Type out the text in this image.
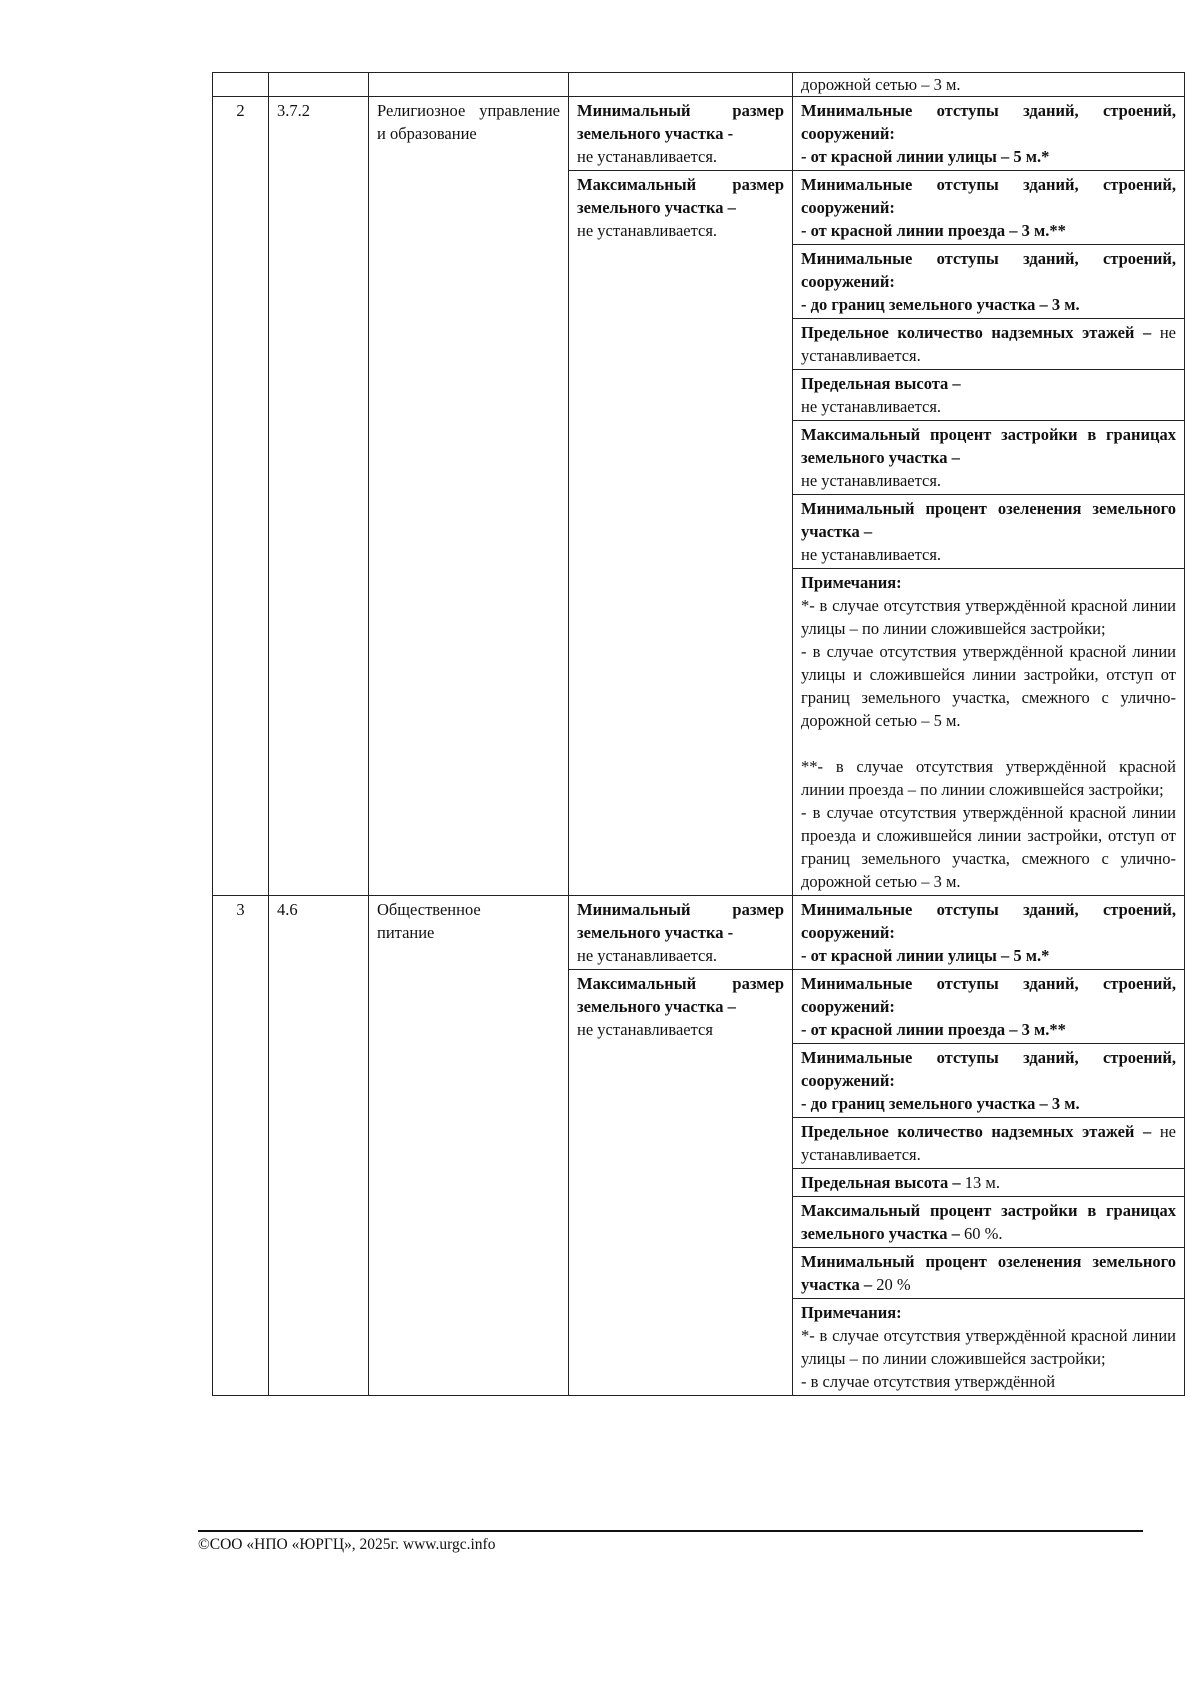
				дорожной сетью – 3 м.
2	3.7.2	Религиозное управление и образование	Минимальный размер земельного участка -
не устанавливается.	Минимальные отступы зданий, строений, сооружений:
- от красной линии улицы – 5 м.*

			Максимальный размер земельного участка –
не устанавливается.	Минимальные отступы зданий, строений, сооружений:
- от красной линии проезда – 3 м.**

				Минимальные отступы зданий, строений, сооружений:
- до границ земельного участка – 3 м.
				Предельное количество надземных этажей – не устанавливается.

				Предельная высота –
не устанавливается.

				Максимальный процент застройки в границах земельного участка –
не устанавливается.

				Минимальный процент озеленения земельного участка –
не устанавливается.

				Примечания:
*- в случае отсутствия утверждённой красной линии улицы – по линии сложившейся застройки;
- в случае отсутствия утверждённой красной линии улицы и сложившейся линии застройки, отступ от границ земельного участка, смежного с улично-дорожной сетью – 5 м.
**- в случае отсутствия утверждённой красной линии проезда – по линии сложившейся застройки;
- в случае отсутствия утверждённой красной линии проезда и сложившейся линии застройки, отступ от границ земельного участка, смежного с улично-дорожной сетью – 3 м.

3	4.6	Общественное питание	Минимальный размер земельного участка -
не устанавливается.	Минимальные отступы зданий, строений, сооружений:
- от красной линии улицы – 5 м.*

			Максимальный размер земельного участка –
не устанавливается	Минимальные отступы зданий, строений, сооружений:
- от красной линии проезда – 3 м.**

				Минимальные отступы зданий, строений, сооружений:
- до границ земельного участка – 3 м.
				Предельное количество надземных этажей – не устанавливается.
				Предельная высота – 13 м.
				Максимальный процент застройки в границах земельного участка – 60 %.
				Минимальный процент озеленения земельного участка – 20 %

				Примечания:
*- в случае отсутствия утверждённой красной линии улицы – по линии сложившейся застройки;
- в случае отсутствия утверждённой
©СОО «НПО «ЮРГЦ», 2025г. www.urgc.info
